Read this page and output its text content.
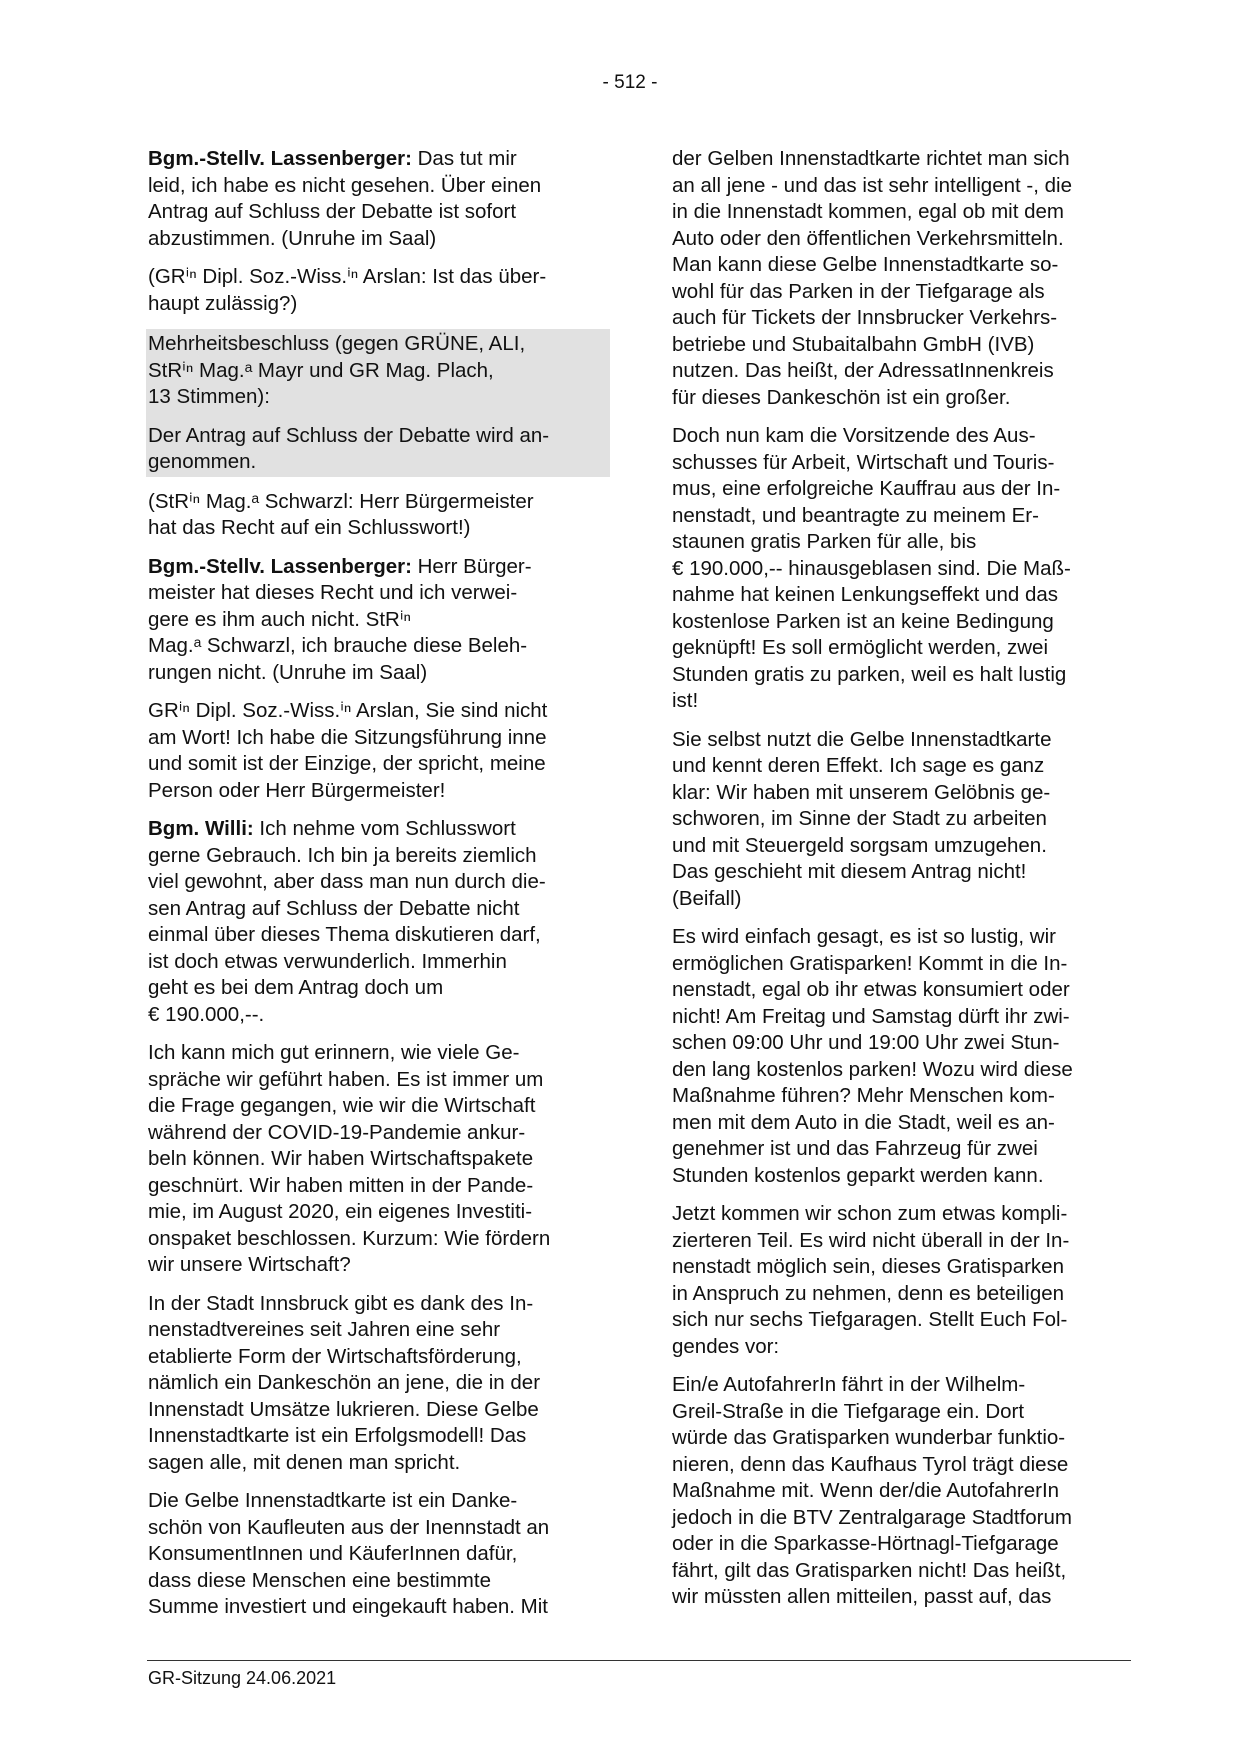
- 512 -

Bgm.-Stellv. Lassenberger: Das tut mir
leid, ich habe es nicht gesehen. Über einen
Antrag auf Schluss der Debatte ist sofort
abzustimmen. (Unruhe im Saal)

(GRⁱⁿ Dipl. Soz.-Wiss.ⁱⁿ Arslan: Ist das über-
haupt zulässig?)

Mehrheitsbeschluss (gegen GRÜNE, ALI,
StRⁱⁿ Mag.ᵃ Mayr und GR Mag. Plach,
13 Stimmen):

Der Antrag auf Schluss der Debatte wird an-
genommen.

(StRⁱⁿ Mag.ᵃ Schwarzl: Herr Bürgermeister
hat das Recht auf ein Schlusswort!)

Bgm.-Stellv. Lassenberger: Herr Bürger-
meister hat dieses Recht und ich verwei-
gere es ihm auch nicht. StRⁱⁿ
Mag.ᵃ Schwarzl, ich brauche diese Beleh-
rungen nicht. (Unruhe im Saal)

GRⁱⁿ Dipl. Soz.-Wiss.ⁱⁿ Arslan, Sie sind nicht
am Wort! Ich habe die Sitzungsführung inne
und somit ist der Einzige, der spricht, meine
Person oder Herr Bürgermeister!

Bgm. Willi: Ich nehme vom Schlusswort
gerne Gebrauch. Ich bin ja bereits ziemlich
viel gewohnt, aber dass man nun durch die-
sen Antrag auf Schluss der Debatte nicht
einmal über dieses Thema diskutieren darf,
ist doch etwas verwunderlich. Immerhin
geht es bei dem Antrag doch um
€ 190.000,--.

Ich kann mich gut erinnern, wie viele Ge-
spräche wir geführt haben. Es ist immer um
die Frage gegangen, wie wir die Wirtschaft
während der COVID-19-Pandemie ankur-
beln können. Wir haben Wirtschaftspakete
geschnürt. Wir haben mitten in der Pande-
mie, im August 2020, ein eigenes Investiti-
onspaket beschlossen. Kurzum: Wie fördern
wir unsere Wirtschaft?

In der Stadt Innsbruck gibt es dank des In-
nenstadtvereines seit Jahren eine sehr
etablierte Form der Wirtschaftsförderung,
nämlich ein Dankeschön an jene, die in der
Innenstadt Umsätze lukrieren. Diese Gelbe
Innenstadtkarte ist ein Erfolgsmodell! Das
sagen alle, mit denen man spricht.

Die Gelbe Innenstadtkarte ist ein Danke-
schön von Kaufleuten aus der Inennstadt an
KonsumentInnen und KäuferInnen dafür,
dass diese Menschen eine bestimmte
Summe investiert und eingekauft haben. Mit

der Gelben Innenstadtkarte richtet man sich
an all jene - und das ist sehr intelligent -, die
in die Innenstadt kommen, egal ob mit dem
Auto oder den öffentlichen Verkehrsmitteln.
Man kann diese Gelbe Innenstadtkarte so-
wohl für das Parken in der Tiefgarage als
auch für Tickets der Innsbrucker Verkehrs-
betriebe und Stubaitalbahn GmbH (IVB)
nutzen. Das heißt, der AdressatInnenkreis
für dieses Dankeschön ist ein großer.

Doch nun kam die Vorsitzende des Aus-
schusses für Arbeit, Wirtschaft und Touris-
mus, eine erfolgreiche Kauffrau aus der In-
nenstadt, und beantragte zu meinem Er-
staunen gratis Parken für alle, bis
€ 190.000,-- hinausgeblasen sind. Die Maß-
nahme hat keinen Lenkungseffekt und das
kostenlose Parken ist an keine Bedingung
geknüpft! Es soll ermöglicht werden, zwei
Stunden gratis zu parken, weil es halt lustig
ist!

Sie selbst nutzt die Gelbe Innenstadtkarte
und kennt deren Effekt. Ich sage es ganz
klar: Wir haben mit unserem Gelöbnis ge-
schworen, im Sinne der Stadt zu arbeiten
und mit Steuergeld sorgsam umzugehen.
Das geschieht mit diesem Antrag nicht!
(Beifall)

Es wird einfach gesagt, es ist so lustig, wir
ermöglichen Gratisparken! Kommt in die In-
nenstadt, egal ob ihr etwas konsumiert oder
nicht! Am Freitag und Samstag dürft ihr zwi-
schen 09:00 Uhr und 19:00 Uhr zwei Stun-
den lang kostenlos parken! Wozu wird diese
Maßnahme führen? Mehr Menschen kom-
men mit dem Auto in die Stadt, weil es an-
genehmer ist und das Fahrzeug für zwei
Stunden kostenlos geparkt werden kann.

Jetzt kommen wir schon zum etwas kompli-
zierteren Teil. Es wird nicht überall in der In-
nenstadt möglich sein, dieses Gratisparken
in Anspruch zu nehmen, denn es beteiligen
sich nur sechs Tiefgaragen. Stellt Euch Fol-
gendes vor:

Ein/e AutofahrerIn fährt in der Wilhelm-
Greil-Straße in die Tiefgarage ein. Dort
würde das Gratisparken wunderbar funktio-
nieren, denn das Kaufhaus Tyrol trägt diese
Maßnahme mit. Wenn der/die AutofahrerIn
jedoch in die BTV Zentralgarage Stadtforum
oder in die Sparkasse-Hörtnagl-Tiefgarage
fährt, gilt das Gratisparken nicht! Das heißt,
wir müssten allen mitteilen, passt auf, das

GR-Sitzung 24.06.2021
